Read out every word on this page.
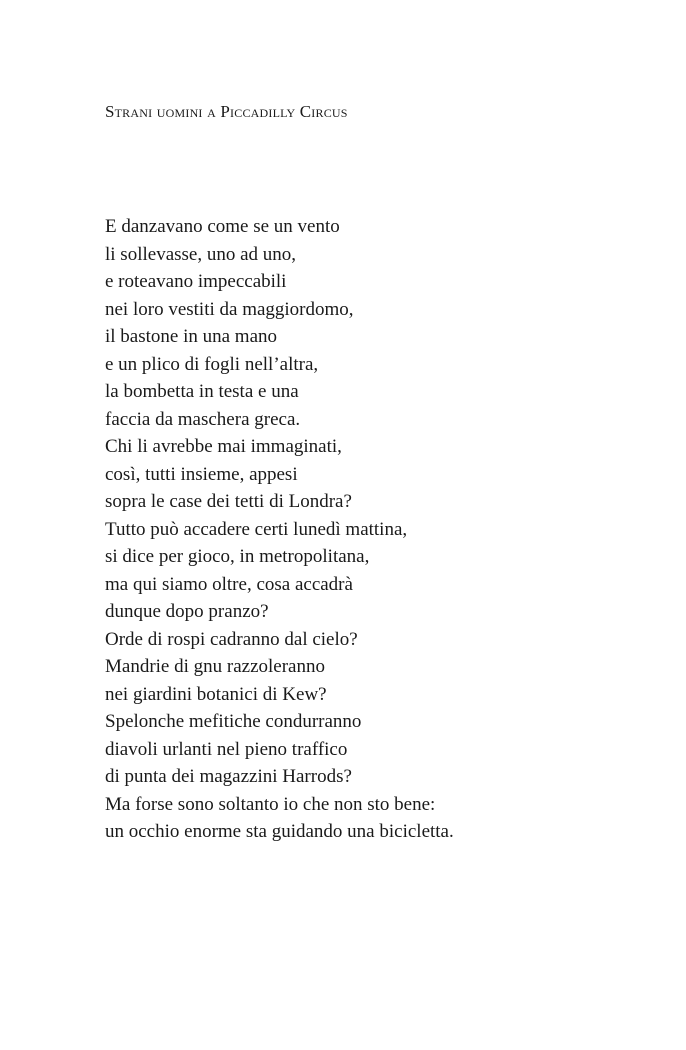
Strani uomini a Piccadilly Circus
E danzavano come se un vento
li sollevasse, uno ad uno,
e roteavano impeccabili
nei loro vestiti da maggiordomo,
il bastone in una mano
e un plico di fogli nell’altra,
la bombetta in testa e una
faccia da maschera greca.
Chi li avrebbe mai immaginati,
così, tutti insieme, appesi
sopra le case dei tetti di Londra?
Tutto può accadere certi lunedì mattina,
si dice per gioco, in metropolitana,
ma qui siamo oltre, cosa accadrà
dunque dopo pranzo?
Orde di rospi cadranno dal cielo?
Mandrie di gnu razzoleranno
nei giardini botanici di Kew?
Spelonche mefitiche condurranno
diavoli urlanti nel pieno traffico
di punta dei magazzini Harrods?
Ma forse sono soltanto io che non sto bene:
un occhio enorme sta guidando una bicicletta.
